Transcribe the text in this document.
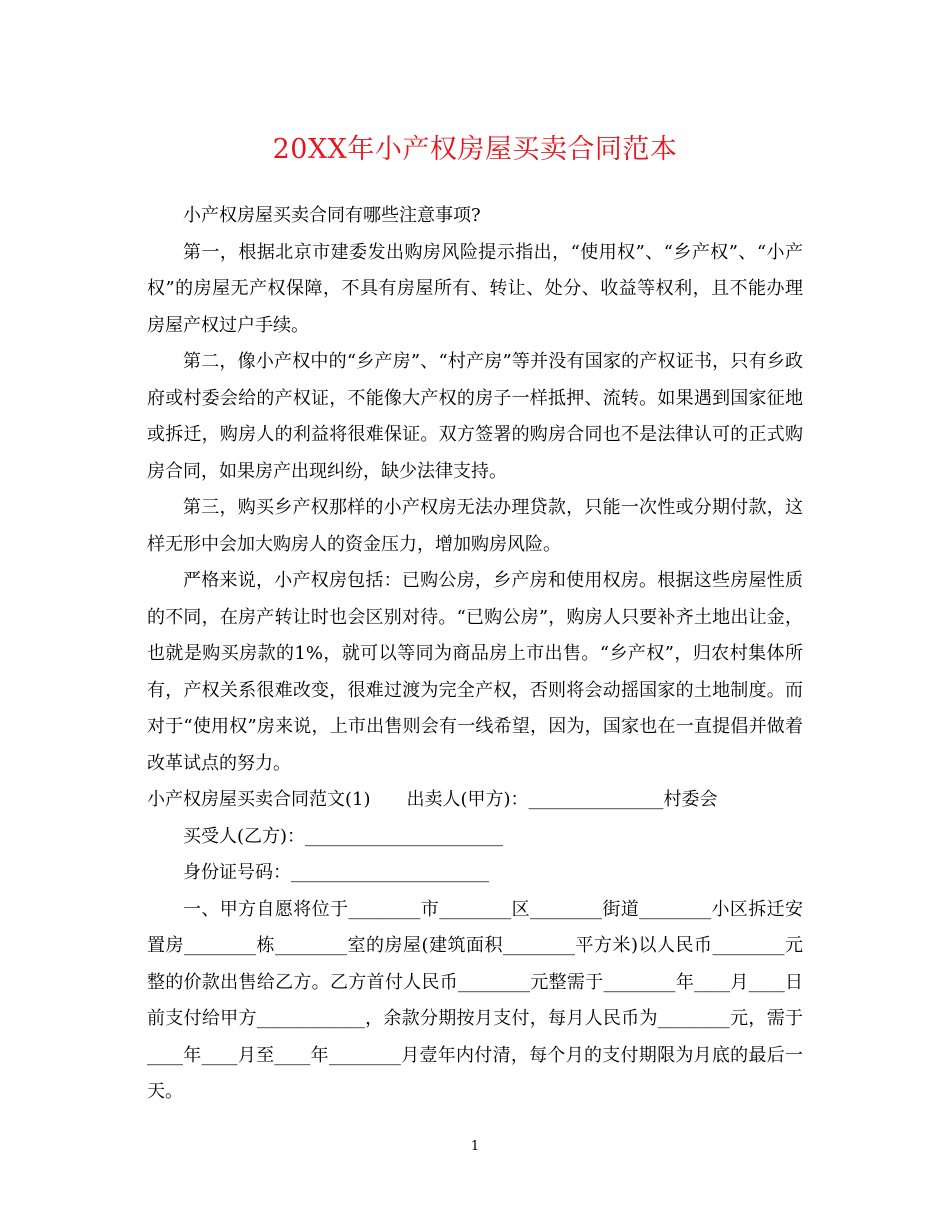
20XX年小产权房屋买卖合同范本

小产权房屋买卖合同有哪些注意事项?

第一，根据北京市建委发出购房风险提示指出，“使用权”、“乡产权”、“小产权”的房屋无产权保障，不具有房屋所有、转让、处分、收益等权利，且不能办理房屋产权过户手续。

第二，像小产权中的“乡产房”、“村产房”等并没有国家的产权证书，只有乡政府或村委会给的产权证，不能像大产权的房子一样抵押、流转。如果遇到国家征地或拆迁，购房人的利益将很难保证。双方签署的购房合同也不是法律认可的正式购房合同，如果房产出现纠纷，缺少法律支持。

第三，购买乡产权那样的小产权房无法办理贷款，只能一次性或分期付款，这样无形中会加大购房人的资金压力，增加购房风险。

严格来说，小产权房包括：已购公房，乡产房和使用权房。根据这些房屋性质的不同，在房产转让时也会区别对待。“已购公房”，购房人只要补齐土地出让金，也就是购买房款的1%，就可以等同为商品房上市出售。“乡产权”，归农村集体所有，产权关系很难改变，很难过渡为完全产权，否则将会动摇国家的土地制度。而对于“使用权”房来说，上市出售则会有一线希望，因为，国家也在一直提倡并做着改革试点的努力。

小产权房屋买卖合同范文(1)　　出卖人(甲方)：_______________村委会

买受人(乙方)：______________________

身份证号码：______________________

一、甲方自愿将位于________市________区________街道________小区拆迁安置房________栋________室的房屋(建筑面积________平方米)以人民币________元整的价款出售给乙方。乙方首付人民币________元整需于________年____月____日前支付给甲方____________，余款分期按月支付，每月人民币为________元，需于____年____月至____年________月壹年内付清，每个月的支付期限为月底的最后一天。

1
